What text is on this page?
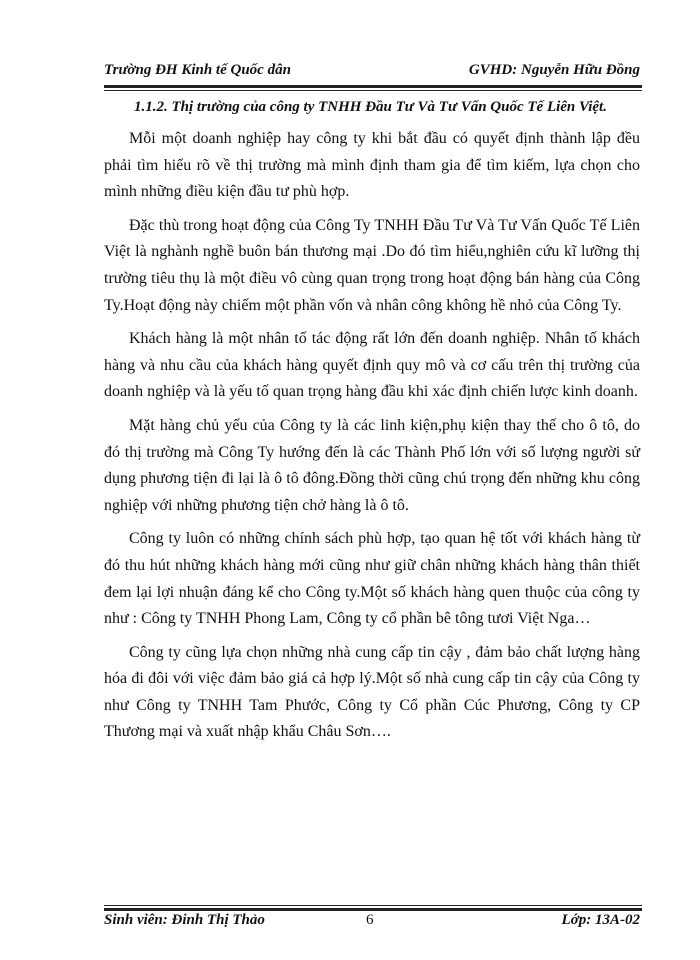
Trường ĐH Kinh tế Quốc dân	GVHD: Nguyễn Hữu Đồng

1.1.2. Thị trường của công ty TNHH Đầu Tư Và Tư Vấn Quốc Tế Liên Việt.

Mỗi một doanh nghiệp hay công ty khi bắt đầu có quyết định thành lập đều phải tìm hiểu rõ về thị trường mà mình định tham gia để tìm kiếm, lựa chọn cho mình những điều kiện đầu tư phù hợp.

Đặc thù trong hoạt động của Công Ty TNHH Đầu Tư Và Tư Vấn Quốc Tế Liên Việt là nghành nghề buôn bán thương mại .Do đó tìm hiểu,nghiên cứu kĩ lưỡng thị trường tiêu thụ là một điều vô cùng quan trọng trong hoạt động bán hàng của Công Ty.Hoạt động này chiếm một phần vốn và nhân công không hề nhỏ của Công Ty.

Khách hàng là một nhân tố tác động rất lớn đến doanh nghiệp. Nhân tố khách hàng và nhu cầu của khách hàng quyết định quy mô và cơ cấu trên thị trường của doanh nghiệp và là yếu tố quan trọng hàng đầu khi xác định chiến lược kinh doanh.

Mặt hàng chủ yếu của Công ty là các linh kiện,phụ kiện thay thế cho ô tô, do đó thị trường mà Công Ty hướng đến là các Thành Phố lớn với số lượng người sử dụng phương tiện đi lại là ô tô đông.Đồng thời cũng chú trọng đến những khu công nghiệp với những phương tiện chở hàng là ô tô.

Công ty luôn có những chính sách phù hợp, tạo quan hệ tốt với khách hàng từ đó thu hút những khách hàng mới cũng như giữ chân những khách hàng thân thiết đem lại lợi nhuận đáng kể cho Công ty.Một số khách hàng quen thuộc của công ty như : Công ty TNHH Phong Lam, Công ty cổ phần bê tông tươi Việt Nga…

Công ty cũng lựa chọn những nhà cung cấp tin cậy , đảm bảo chất lượng hàng hóa đi đôi với việc đảm bảo giá cả hợp lý.Một số nhà cung cấp tin cậy của Công ty như Công ty TNHH Tam Phước, Công ty Cổ phần Cúc Phương, Công ty CP Thương mại và xuất nhập khẩu Châu Sơn….

Sinh viên: Đinh Thị Thảo	6	Lớp: 13A-02
